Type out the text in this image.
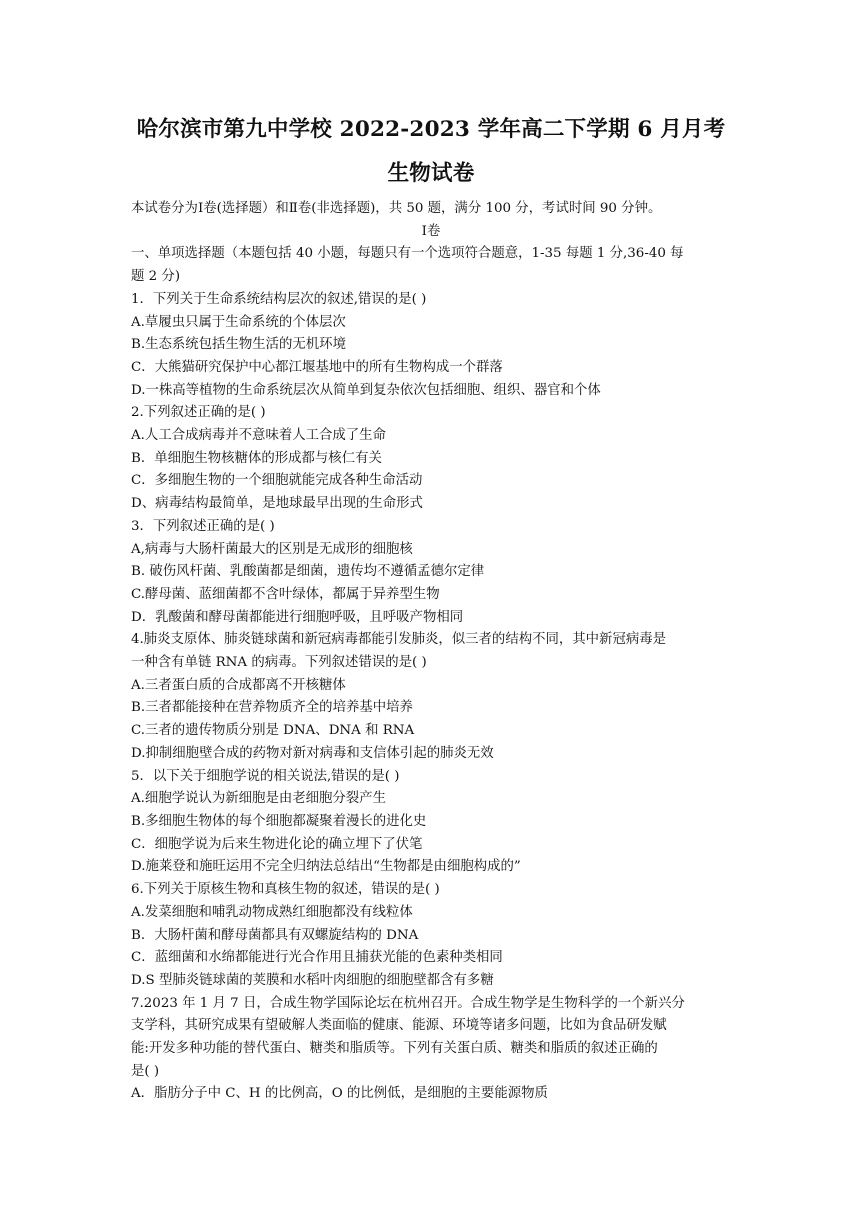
哈尔滨市第九中学校 2022-2023 学年高二下学期 6 月月考
生物试卷
本试卷分为Ⅰ卷(选择题）和Ⅱ卷(非选择题)，共 50 题，满分 100 分，考试时间 90 分钟。
Ⅰ卷
一、单项选择题（本题包括 40 小题，每题只有一个选项符合题意，1-35 每题 1 分,36-40 每
题 2 分)
1．下列关于生命系统结构层次的叙述,错误的是( )
A.草履虫只属于生命系统的个体层次
B.生态系统包括生物生活的无机环境
C．大熊猫研究保护中心都江堰基地中的所有生物构成一个群落
D.一株高等植物的生命系统层次从简单到复杂依次包括细胞、组织、器官和个体
2.下列叙述正确的是( )
A.人工合成病毒并不意味着人工合成了生命
B．单细胞生物核糖体的形成都与核仁有关
C．多细胞生物的一个细胞就能完成各种生命活动
D、病毒结构最简单，是地球最早出现的生命形式
3．下列叙述正确的是( )
A,病毒与大肠杆菌最大的区别是无成形的细胞核
B. 破伤风杆菌、乳酸菌都是细菌，遗传均不遵循孟德尔定律
C.酵母菌、蓝细菌都不含叶绿体，都属于异养型生物
D．乳酸菌和酵母菌都能进行细胞呼吸，且呼吸产物相同
4.肺炎支原体、肺炎链球菌和新冠病毒都能引发肺炎，似三者的结构不同，其中新冠病毒是
一种含有单链 RNA 的病毒。下列叙述错误的是( )
A.三者蛋白质的合成都离不开核糖体
B.三者都能接种在营养物质齐全的培养基中培养
C.三者的遗传物质分别是 DNA、DNA 和 RNA
D.抑制细胞壁合成的药物对新对病毒和支信体引起的肺炎无效
5．以下关于细胞学说的相关说法,错误的是( )
A.细胞学说认为新细胞是由老细胞分裂产生
B.多细胞生物体的每个细胞都凝聚着漫长的进化史
C．细胞学说为后来生物进化论的确立埋下了伏笔
D.施莱登和施旺运用不完全归纳法总结出“生物都是由细胞构成的”
6.下列关于原核生物和真核生物的叙述，错误的是( )
A.发菜细胞和哺乳动物成熟红细胞都没有线粒体
B．大肠杆菌和酵母菌都具有双螺旋结构的 DNA
C．蓝细菌和水绵都能进行光合作用且捕获光能的色素种类相同
D.S 型肺炎链球菌的荚膜和水稻叶肉细胞的细胞壁都含有多糖
7.2023 年 1 月 7 日，合成生物学国际论坛在杭州召开。合成生物学是生物科学的一个新兴分
支学科，其研究成果有望破解人类面临的健康、能源、环境等诸多问题，比如为食品研发赋
能:开发多种功能的替代蛋白、糖类和脂质等。下列有关蛋白质、糖类和脂质的叙述正确的
是( )
A．脂肪分子中 C、H 的比例高，O 的比例低，是细胞的主要能源物质
